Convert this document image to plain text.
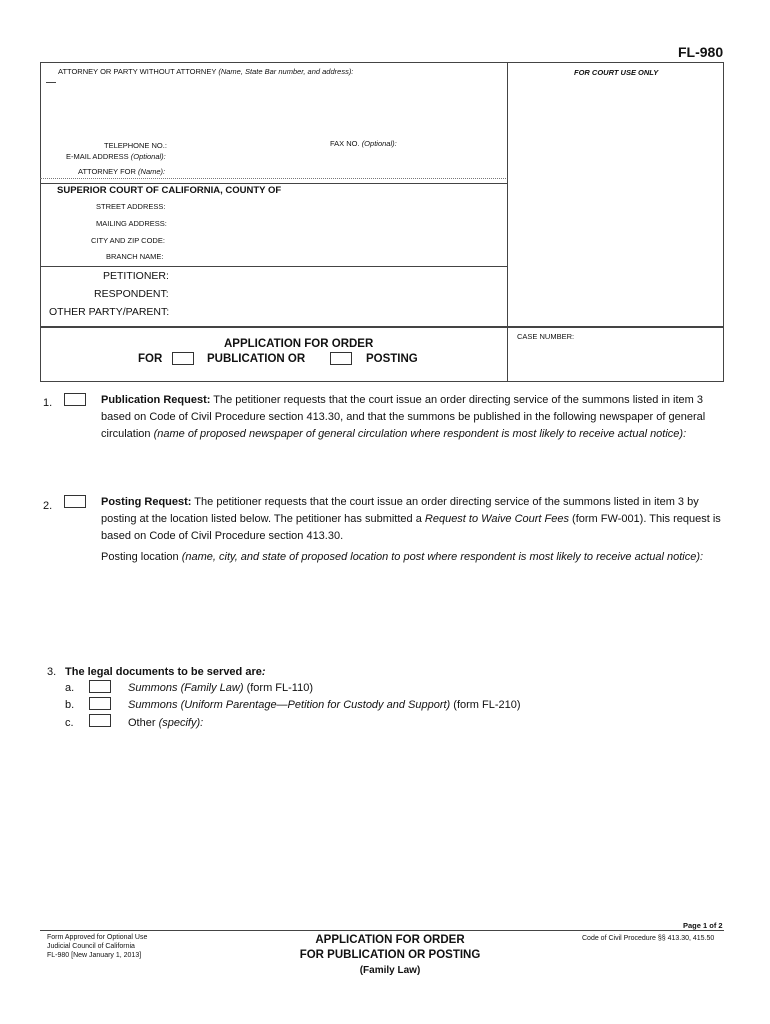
FL-980
ATTORNEY OR PARTY WITHOUT ATTORNEY (Name, State Bar number, and address):	FOR COURT USE ONLY
TELEPHONE NO.:	FAX NO. (Optional):
E-MAIL ADDRESS (Optional):
ATTORNEY FOR (Name):
SUPERIOR COURT OF CALIFORNIA, COUNTY OF
STREET ADDRESS:
MAILING ADDRESS:
CITY AND ZIP CODE:
BRANCH NAME:
PETITIONER:
RESPONDENT:
OTHER PARTY/PARENT:
CASE NUMBER:
APPLICATION FOR ORDER
FOR	PUBLICATION OR	POSTING
1.	Publication Request: The petitioner requests that the court issue an order directing service of the summons listed in item 3 based on Code of Civil Procedure section 413.30, and that the summons be published in the following newspaper of general circulation (name of proposed newspaper of general circulation where respondent is most likely to receive actual notice):
2.	Posting Request: The petitioner requests that the court issue an order directing service of the summons listed in item 3 by posting at the location listed below. The petitioner has submitted a Request to Waive Court Fees (form FW-001). This request is based on Code of Civil Procedure section 413.30.
Posting location (name, city, and state of proposed location to post where respondent is most likely to receive actual notice):
3. The legal documents to be served are:
a.	Summons (Family Law) (form FL-110)
b.	Summons (Uniform Parentage—Petition for Custody and Support) (form FL-210)
c.	Other (specify):
Page 1 of 2
Form Approved for Optional Use
Judicial Council of California
FL-980 [New January 1, 2013]
APPLICATION FOR ORDER
FOR PUBLICATION OR POSTING
(Family Law)
Code of Civil Procedure §§ 413.30, 415.50
